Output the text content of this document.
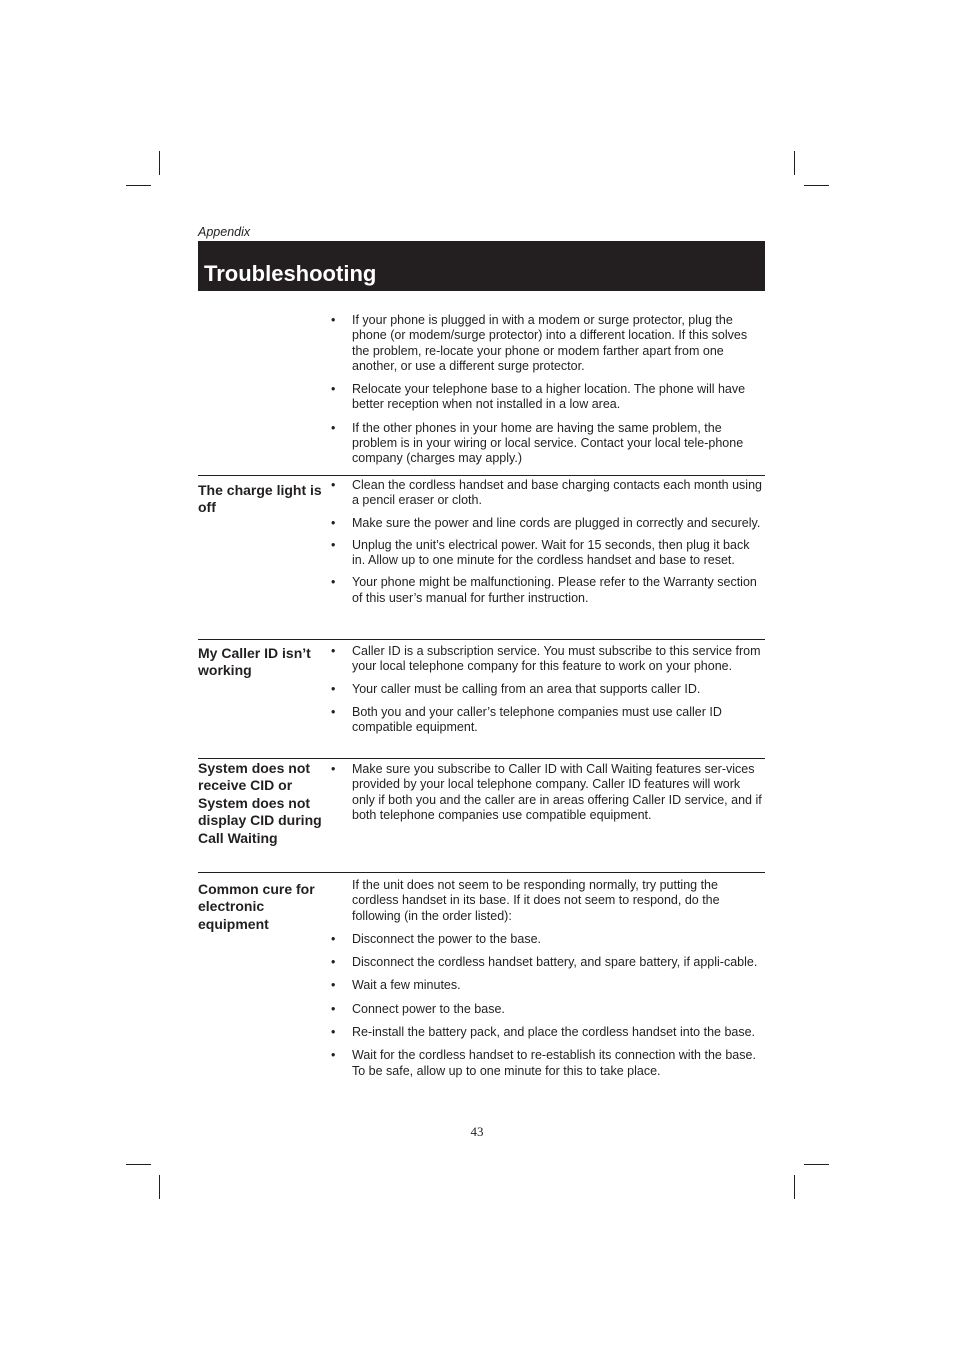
Appendix
Troubleshooting
• If your phone is plugged in with a modem or surge protector, plug the phone (or modem/surge protector) into a different location. If this solves the problem, re-locate your phone or modem farther apart from one another, or use a different surge protector.
• Relocate your telephone base to a higher location. The phone will have better reception when not installed in a low area.
• If the other phones in your home are having the same problem, the problem is in your wiring or local service. Contact your local tele-phone company (charges may apply.)
The charge light is off
• Clean the cordless handset and base charging contacts each month using a pencil eraser or cloth.
• Make sure the power and line cords are plugged in correctly and securely.
• Unplug the unit’s electrical power. Wait for 15 seconds, then plug it back in. Allow up to one minute for the cordless handset and base to reset.
• Your phone might be malfunctioning. Please refer to the Warranty section of this user’s manual for further instruction.
My Caller ID isn’t working
• Caller ID is a subscription service. You must subscribe to this service from your local telephone company for this feature to work on your phone.
• Your caller must be calling from an area that supports caller ID.
• Both you and your caller’s telephone companies must use caller ID compatible equipment.
System does not receive CID or System does not display CID during Call Waiting
• Make sure you subscribe to Caller ID with Call Waiting features ser-vices provided by your local telephone company. Caller ID features will work only if both you and the caller are in areas offering Caller ID service, and if both telephone companies use compatible equipment.
Common cure for electronic equipment
If the unit does not seem to be responding normally, try putting the cordless handset in its base. If it does not seem to respond, do the following (in the order listed):
• Disconnect the power to the base.
• Disconnect the cordless handset battery, and spare battery, if appli-cable.
• Wait a few minutes.
• Connect power to the base.
• Re-install the battery pack, and place the cordless handset into the base.
• Wait for the cordless handset to re-establish its connection with the base. To be safe, allow up to one minute for this to take place.
43
